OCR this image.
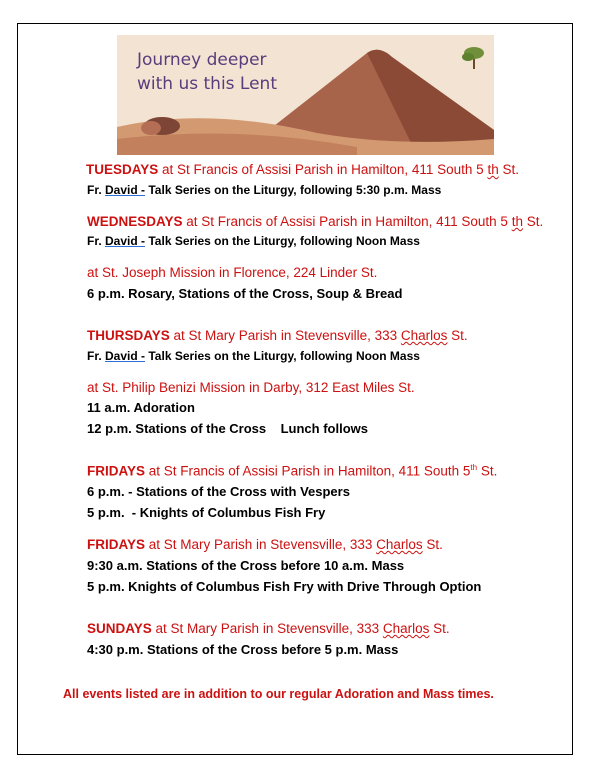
Journey deeper
with us this Lent
TUESDAYS at St Francis of Assisi Parish in Hamilton, 411 South 5 th St.
Fr. David - Talk Series on the Liturgy, following 5:30 p.m. Mass
WEDNESDAYS at St Francis of Assisi Parish in Hamilton, 411 South 5 th St.
Fr. David - Talk Series on the Liturgy, following Noon Mass
at St. Joseph Mission in Florence, 224 Linder St.
6 p.m. Rosary, Stations of the Cross, Soup & Bread
THURSDAYS at St Mary Parish in Stevensville, 333 Charlos St.
Fr. David - Talk Series on the Liturgy, following Noon Mass
at St. Philip Benizi Mission in Darby, 312 East Miles St.
11 a.m. Adoration
12 p.m. Stations of the Cross    Lunch follows
FRIDAYS at St Francis of Assisi Parish in Hamilton, 411 South 5th St.
6 p.m. - Stations of the Cross with Vespers
5 p.m.  - Knights of Columbus Fish Fry
FRIDAYS at St Mary Parish in Stevensville, 333 Charlos St.
9:30 a.m. Stations of the Cross before 10 a.m. Mass
5 p.m. Knights of Columbus Fish Fry with Drive Through Option
SUNDAYS at St Mary Parish in Stevensville, 333 Charlos St.
4:30 p.m. Stations of the Cross before 5 p.m. Mass
All events listed are in addition to our regular Adoration and Mass times.
